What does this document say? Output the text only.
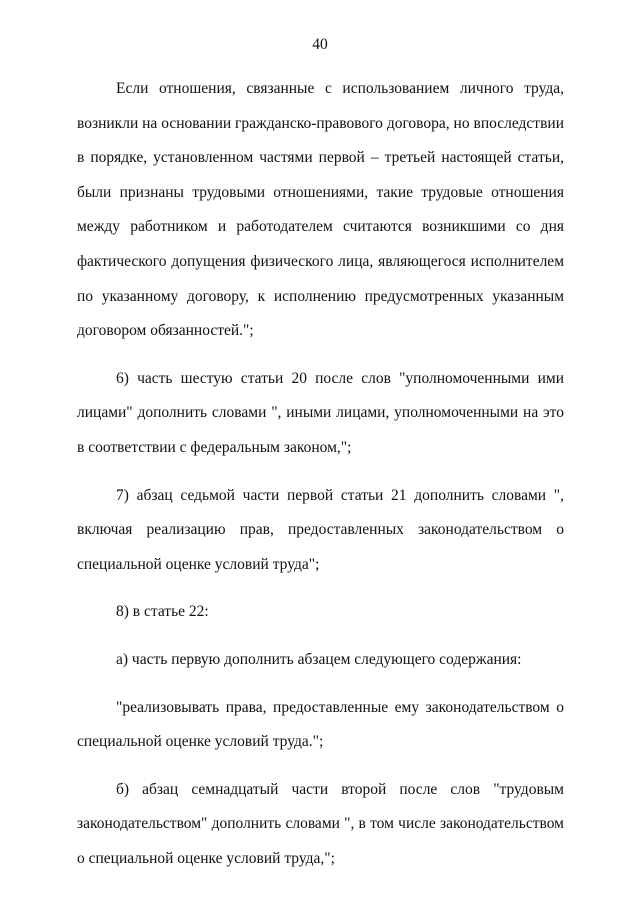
40

Если отношения, связанные с использованием личного труда, возникли на основании гражданско-правового договора, но впоследствии в порядке, установленном частями первой – третьей настоящей статьи, были признаны трудовыми отношениями, такие трудовые отношения между работником и работодателем считаются возникшими со дня фактического допущения физического лица, являющегося исполнителем по указанному договору, к исполнению предусмотренных указанным договором обязанностей.";

6) часть шестую статьи 20 после слов "уполномоченными ими лицами" дополнить словами ", иными лицами, уполномоченными на это в соответствии с федеральным законом,";

7) абзац седьмой части первой статьи 21 дополнить словами ", включая реализацию прав, предоставленных законодательством о специальной оценке условий труда";

8) в статье 22:

а) часть первую дополнить абзацем следующего содержания:

"реализовывать права, предоставленные ему законодательством о специальной оценке условий труда.";

б) абзац семнадцатый части второй после слов "трудовым законодательством" дополнить словами ", в том числе законодательством о специальной оценке условий труда,";
